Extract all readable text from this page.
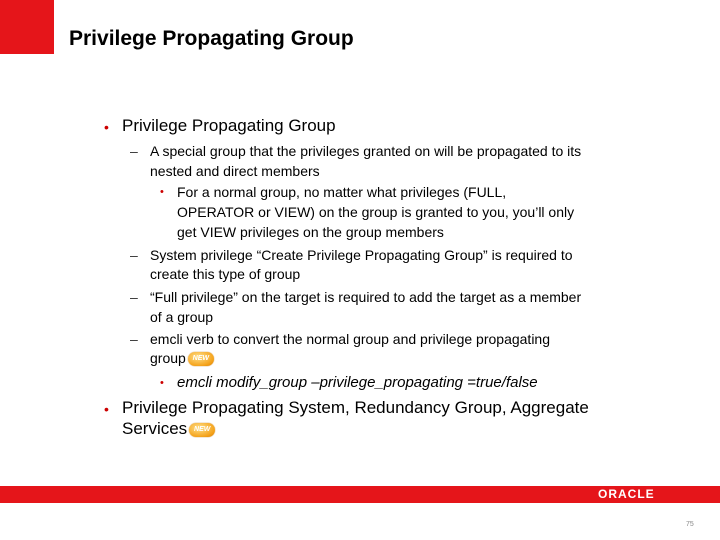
Privilege Propagating Group
• Privilege Propagating Group
– A special group that the privileges granted on will be propagated to its
nested and direct members
• For a normal group, no matter what privileges (FULL,
OPERATOR or VIEW) on the group is granted to you, you’ll only
get VIEW privileges on the group members
– System privilege “Create Privilege Propagating Group” is required to
create this type of group
– “Full privilege” on the target is required to add the target as a member
of a group
– emcli verb to convert the normal group and privilege propagating
group NEW
• emcli modify_group –privilege_propagating =true/false
• Privilege Propagating System, Redundancy Group, Aggregate
Services NEW
ORACLE
75
